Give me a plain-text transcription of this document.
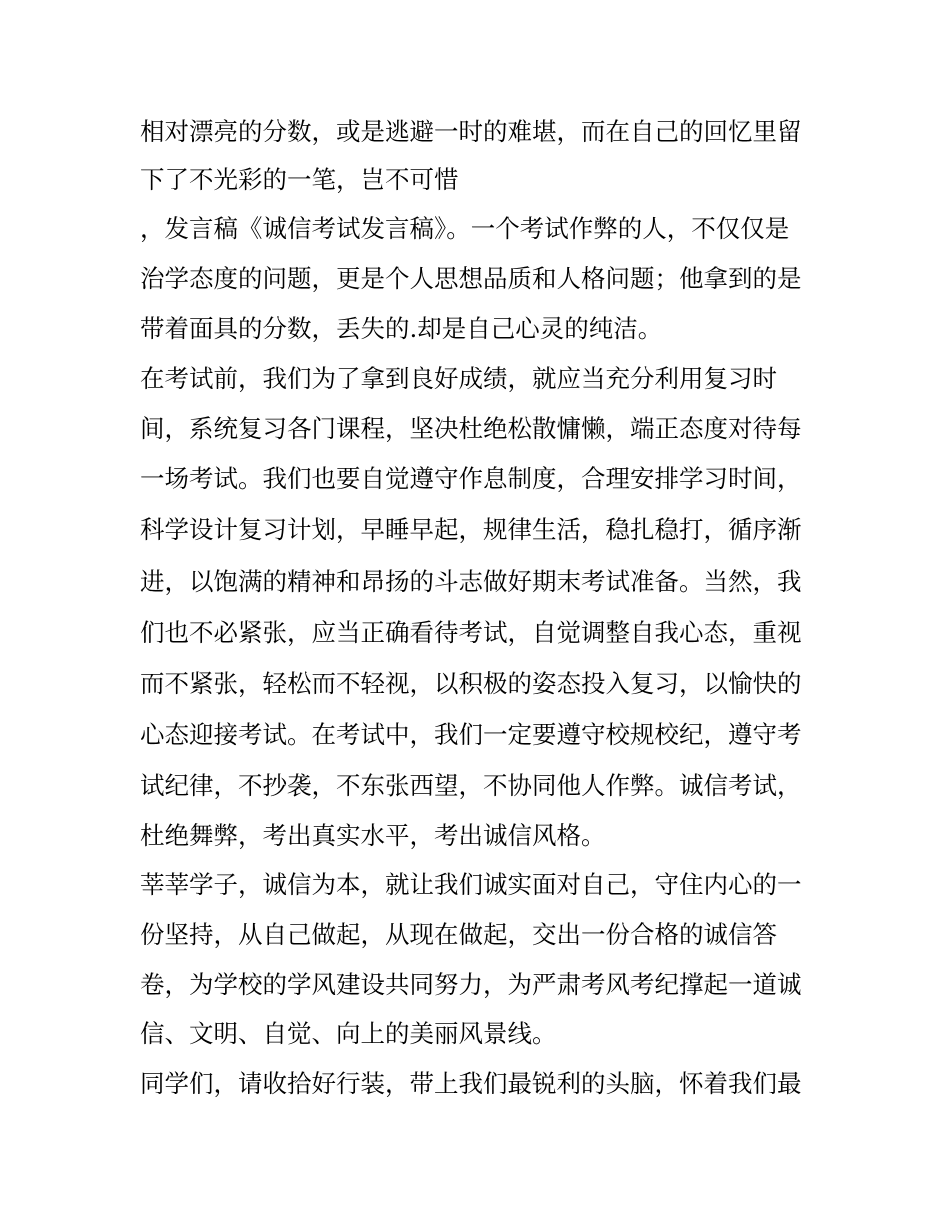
相对漂亮的分数，或是逃避一时的难堪，而在自己的回忆里留
下了不光彩的一笔，岂不可惜
，发言稿《诚信考试发言稿》。一个考试作弊的人，不仅仅是
治学态度的问题，更是个人思想品质和人格问题；他拿到的是
带着面具的分数，丢失的.却是自己心灵的纯洁。
在考试前，我们为了拿到良好成绩，就应当充分利用复习时
间，系统复习各门课程，坚决杜绝松散慵懒，端正态度对待每
一场考试。我们也要自觉遵守作息制度，合理安排学习时间，
科学设计复习计划，早睡早起，规律生活，稳扎稳打，循序渐
进，以饱满的精神和昂扬的斗志做好期末考试准备。当然，我
们也不必紧张，应当正确看待考试，自觉调整自我心态，重视
而不紧张，轻松而不轻视，以积极的姿态投入复习，以愉快的
心态迎接考试。在考试中，我们一定要遵守校规校纪，遵守考
试纪律，不抄袭，不东张西望，不协同他人作弊。诚信考试，
杜绝舞弊，考出真实水平，考出诚信风格。
莘莘学子，诚信为本，就让我们诚实面对自己，守住内心的一
份坚持，从自己做起，从现在做起，交出一份合格的诚信答
卷，为学校的学风建设共同努力，为严肃考风考纪撑起一道诚
信、文明、自觉、向上的美丽风景线。
同学们，请收拾好行装，带上我们最锐利的头脑，怀着我们最
